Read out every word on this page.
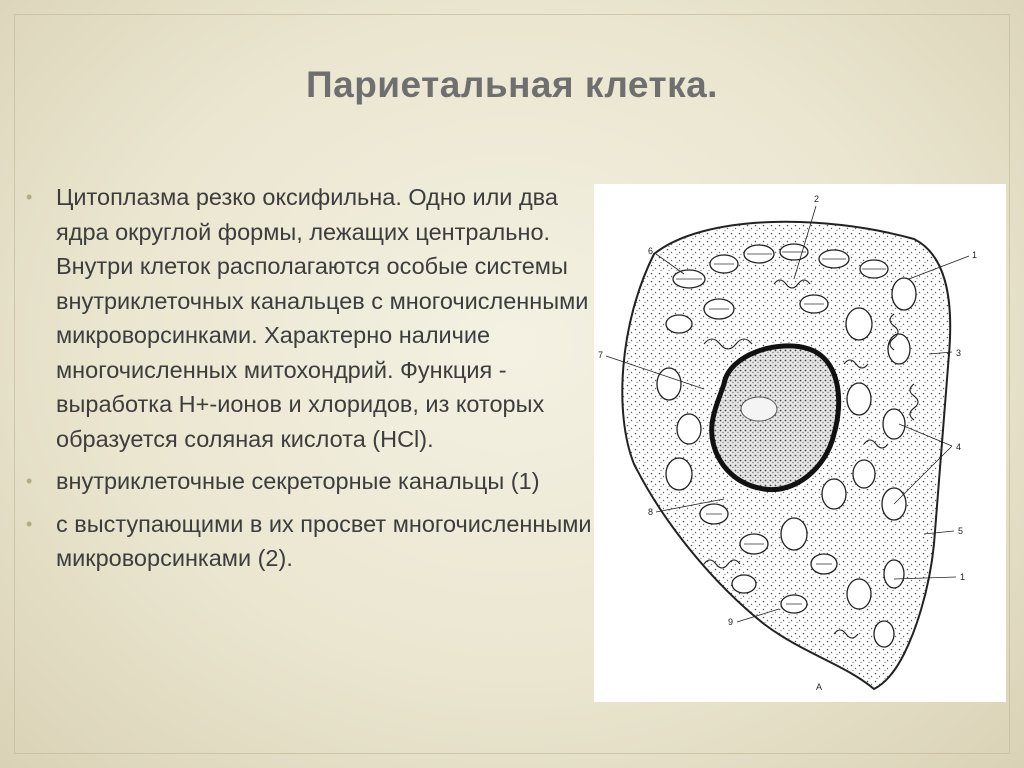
Париетальная клетка.
• Цитоплазма резко оксифильна. Одно или два ядра округлой формы, лежащих центрально. Внутри клеток располагаются особые системы внутриклеточных канальцев с многочисленными микроворсинками. Характерно наличие многочисленных митохондрий. Функция - выработка Н+-ионов и хлоридов, из которых образуется соляная кислота (HCl).
• внутриклеточные секреторные канальцы (1)
• с выступающими в их просвет многочисленными микроворсинками (2).
2
1
6
7	3
4
8
5
1
9
А
